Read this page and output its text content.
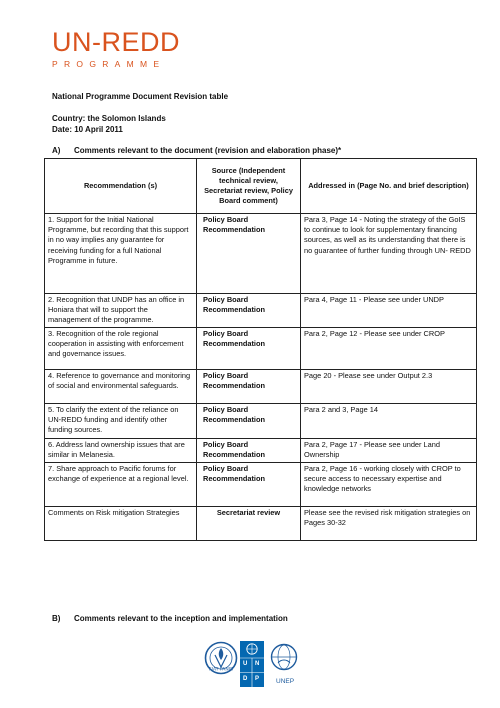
UN-REDD
PROGRAMME
National Programme Document Revision table
Country: the Solomon Islands
Date: 10 April 2011
A) Comments relevant to the document (revision and elaboration phase)*
Recommendation (s)	Source (Independent technical review, Secretariat review, Policy Board comment)	Addressed in (Page No. and brief description)
1. Support for the Initial National Programme, but recording that this support in no way implies any guarantee for receiving funding for a full National Programme in future.	Policy Board Recommendation	Para 3, Page 14 - Noting the strategy of the GoIS to continue to look for supplementary financing sources, as well as its understanding that there is no guarantee of further funding through UN- REDD
2. Recognition that UNDP has an office in Honiara that will to support the management of the programme.	Policy Board Recommendation	Para 4, Page 11 - Please see under UNDP
3. Recognition of the role regional cooperation in assisting with enforcement and governance issues.	Policy Board Recommendation	Para 2, Page 12 - Please see under CROP
4. Reference to governance and monitoring of social and environmental safeguards.	Policy Board Recommendation	Page 20 - Please see under Output 2.3
5. To clarify the extent of the reliance on UN-REDD funding and identify other funding sources.	Policy Board Recommendation	Para 2 and 3, Page 14
6. Address land ownership issues that are similar in Melanesia.	Policy Board Recommendation	Para 2, Page 17 - Please see under Land Ownership
7. Share approach to Pacific forums for exchange of experience at a regional level.	Policy Board Recommendation	Para 2, Page 16 - working closely with CROP to secure access to necessary expertise and knowledge networks
Comments on Risk mitigation Strategies	Secretariat review	Please see the revised risk mitigation strategies on Pages 30-32
B) Comments relevant to the inception and implementation
FIAT PANIS
U N
D P	UNEP
